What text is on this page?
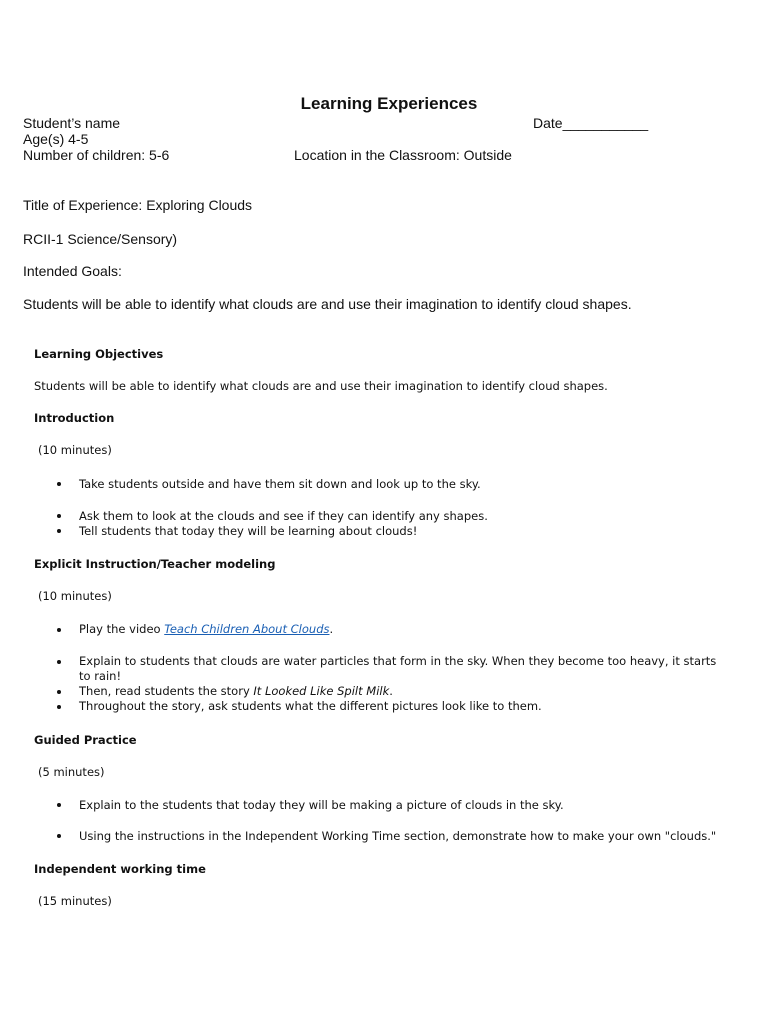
Learning Experiences
Student’s name	Date___________
Age(s) 4-5
Number of children: 5-6	Location in the Classroom: Outside
Title of Experience: Exploring Clouds
RCII-1 Science/Sensory)
Intended Goals:
Students will be able to identify what clouds are and use their imagination to identify cloud shapes.
Learning Objectives
Students will be able to identify what clouds are and use their imagination to identify cloud shapes.
Introduction
(10 minutes)
Take students outside and have them sit down and look up to the sky.
Ask them to look at the clouds and see if they can identify any shapes.
Tell students that today they will be learning about clouds!
Explicit Instruction/Teacher modeling
(10 minutes)
Play the video Teach Children About Clouds.
Explain to students that clouds are water particles that form in the sky. When they become too heavy, it starts
to rain!
Then, read students the story It Looked Like Spilt Milk.
Throughout the story, ask students what the different pictures look like to them.
Guided Practice
(5 minutes)
Explain to the students that today they will be making a picture of clouds in the sky.
Using the instructions in the Independent Working Time section, demonstrate how to make your own "clouds."
Independent working time
(15 minutes)
